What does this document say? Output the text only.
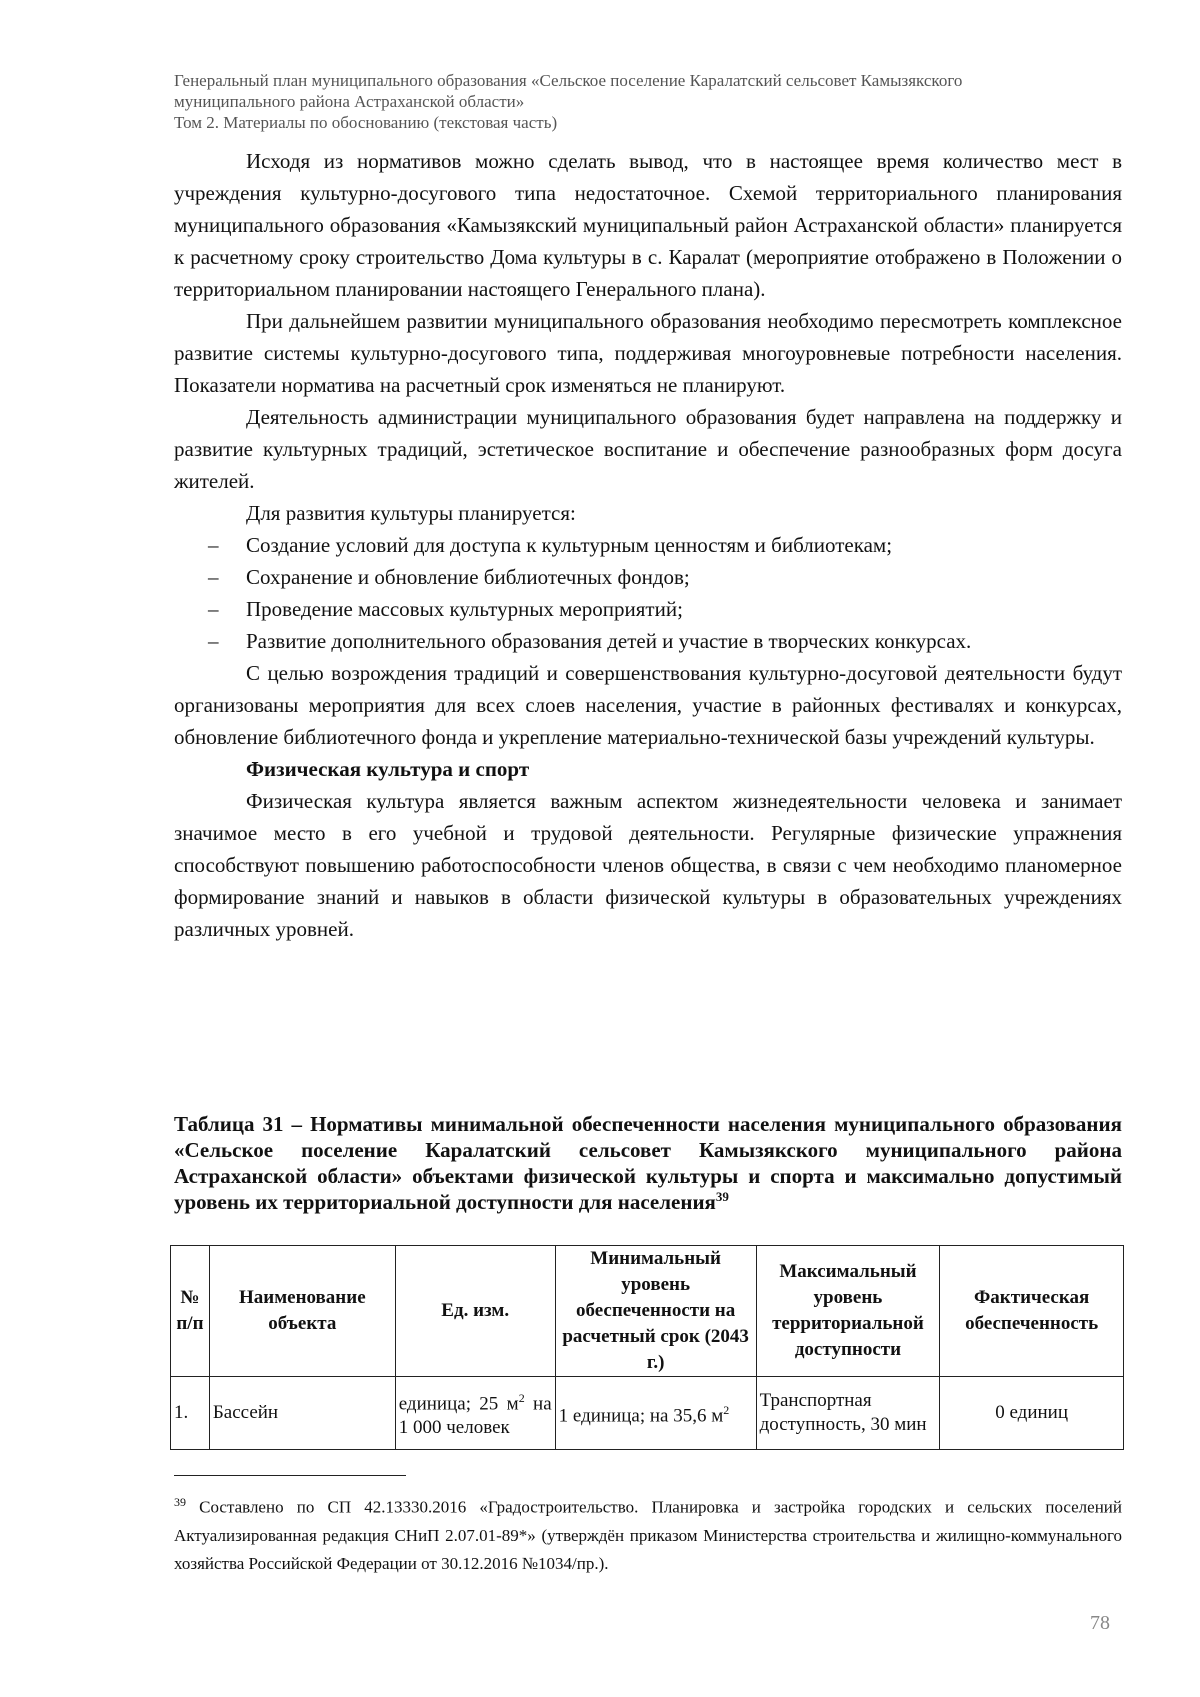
Генеральный план муниципального образования «Сельское поселение Каралатский сельсовет Камызякского
муниципального района Астраханской области»
Том 2. Материалы по обоснованию (текстовая часть)

Исходя из нормативов можно сделать вывод, что в настоящее время количество мест в учреждения культурно-досугового типа недостаточное. Схемой территориального планирования муниципального образования «Камызякский муниципальный район Астраханской области» планируется к расчетному сроку строительство Дома культуры в с. Каралат (мероприятие отображено в Положении о территориальном планировании настоящего Генерального плана).

При дальнейшем развитии муниципального образования необходимо пересмотреть комплексное развитие системы культурно-досугового типа, поддерживая многоуровневые потребности населения. Показатели норматива на расчетный срок изменяться не планируют.

Деятельность администрации муниципального образования будет направлена на поддержку и развитие культурных традиций, эстетическое воспитание и обеспечение разнообразных форм досуга жителей.

Для развития культуры планируется:

– Создание условий для доступа к культурным ценностям и библиотекам;
– Сохранение и обновление библиотечных фондов;
– Проведение массовых культурных мероприятий;
– Развитие дополнительного образования детей и участие в творческих конкурсах.

С целью возрождения традиций и совершенствования культурно-досуговой деятельности будут организованы мероприятия для всех слоев населения, участие в районных фестивалях и конкурсах, обновление библиотечного фонда и укрепление материально-технической базы учреждений культуры.

Физическая культура и спорт

Физическая культура является важным аспектом жизнедеятельности человека и занимает значимое место в его учебной и трудовой деятельности. Регулярные физические упражнения способствуют повышению работоспособности членов общества, в связи с чем необходимо планомерное формирование знаний и навыков в области физической культуры в образовательных учреждениях различных уровней.

Таблица 31 – Нормативы минимальной обеспеченности населения муниципального образования «Сельское поселение Каралатский сельсовет Камызякского муниципального района Астраханской области» объектами физической культуры и спорта и максимально допустимый уровень их территориальной доступности для населения$^{39}$
№ п/п	Наименование объекта	Ед. изм.	Минимальный уровень обеспеченности на расчетный срок (2043 г.)	Максимальный уровень территориальной доступности	Фактическая обеспеченность
1.	Бассейн	единица; 25 $м^2$ на 1 000 человек	1 единица; на 35,6 $м^2$	Транспортная доступность, 30 мин	0 единиц
$^{39}$ Составлено по СП 42.13330.2016 «Градостроительство. Планировка и застройка городских и сельских поселений Актуализированная редакция СНиП 2.07.01-89*» (утверждён приказом Министерства строительства и жилищно-коммунального хозяйства Российской Федерации от 30.12.2016 №1034/пр.).
78
